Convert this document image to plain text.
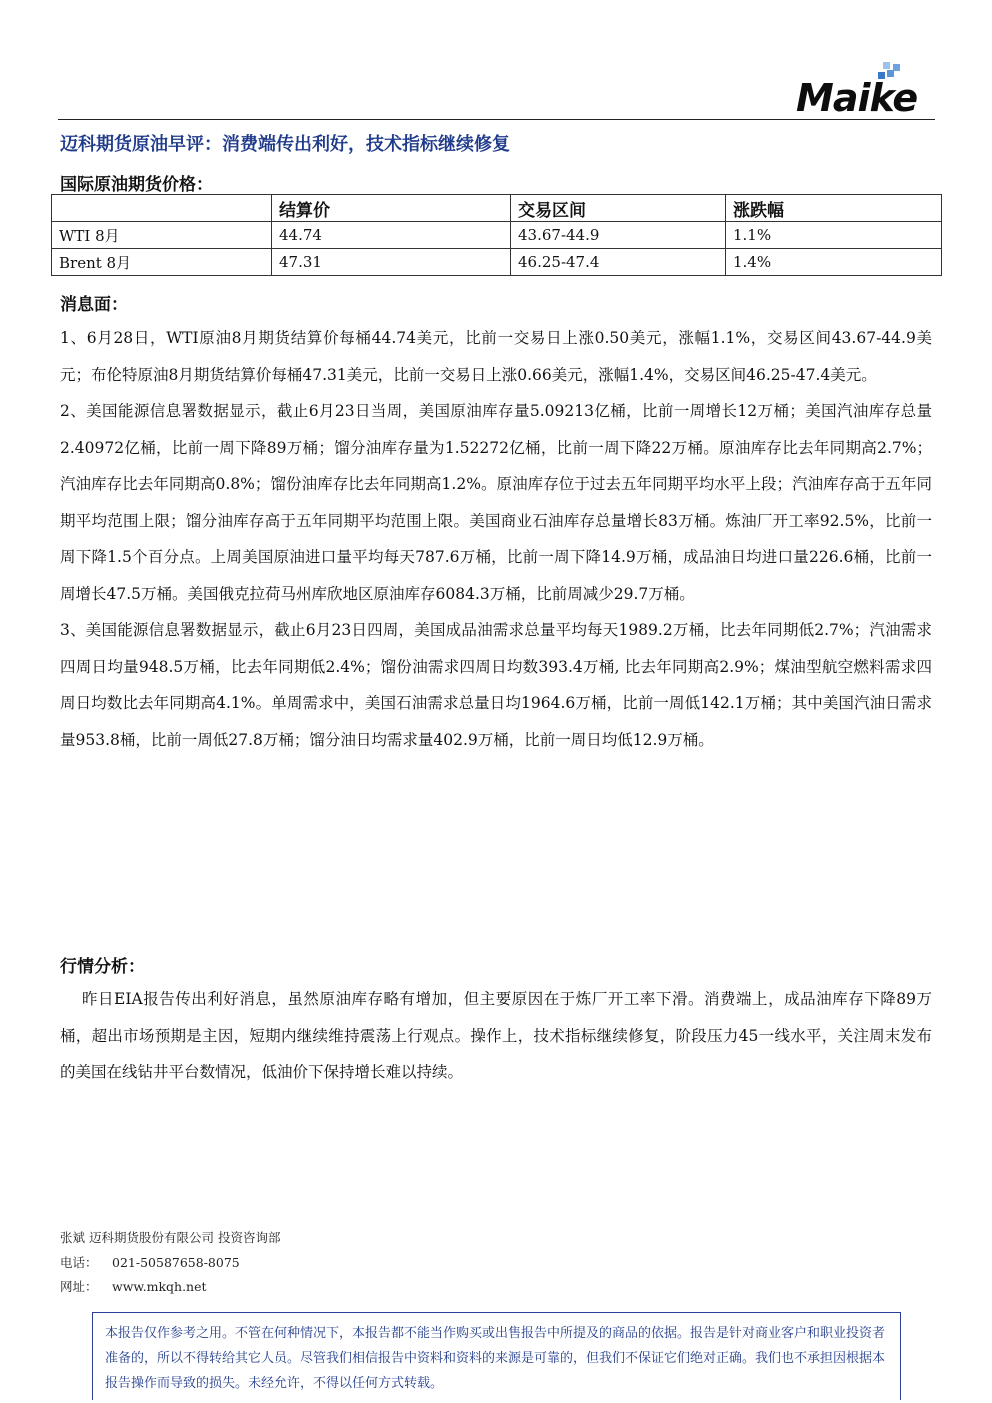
Maike
迈科期货原油早评：消费端传出利好，技术指标继续修复
国际原油期货价格：
	结算价	交易区间	涨跌幅
WTI 8月	44.74	43.67-44.9	1.1%
Brent 8月	47.31	46.25-47.4	1.4%
消息面：

1、6月28日，WTI原油8月期货结算价每桶44.74美元，比前一交易日上涨0.50美元，涨幅1.1%，交易区间43.67-44.9美元；布伦特原油8月期货结算价每桶47.31美元，比前一交易日上涨0.66美元，涨幅1.4%，交易区间46.25-47.4美元。

2、美国能源信息署数据显示，截止6月23日当周，美国原油库存量5.09213亿桶，比前一周增长12万桶；美国汽油库存总量2.40972亿桶，比前一周下降89万桶；馏分油库存量为1.52272亿桶，比前一周下降22万桶。原油库存比去年同期高2.7%；汽油库存比去年同期高0.8%；馏份油库存比去年同期高1.2%。原油库存位于过去五年同期平均水平上段；汽油库存高于五年同期平均范围上限；馏分油库存高于五年同期平均范围上限。美国商业石油库存总量增长83万桶。炼油厂开工率92.5%，比前一周下降1.5个百分点。上周美国原油进口量平均每天787.6万桶，比前一周下降14.9万桶，成品油日均进口量226.6桶，比前一周增长47.5万桶。美国俄克拉荷马州库欣地区原油库存6084.3万桶，比前周减少29.7万桶。

3、美国能源信息署数据显示，截止6月23日四周，美国成品油需求总量平均每天1989.2万桶，比去年同期低2.7%；汽油需求四周日均量948.5万桶，比去年同期低2.4%；馏份油需求四周日均数393.4万桶, 比去年同期高2.9%；煤油型航空燃料需求四周日均数比去年同期高4.1%。单周需求中，美国石油需求总量日均1964.6万桶，比前一周低142.1万桶；其中美国汽油日需求量953.8桶，比前一周低27.8万桶；馏分油日均需求量402.9万桶，比前一周日均低12.9万桶。

行情分析：

昨日EIA报告传出利好消息，虽然原油库存略有增加，但主要原因在于炼厂开工率下滑。消费端上，成品油库存下降89万桶，超出市场预期是主因，短期内继续维持震荡上行观点。操作上，技术指标继续修复，阶段压力45一线水平，关注周末发布的美国在线钻井平台数情况，低油价下保持增长难以持续。

张斌 迈科期货股份有限公司 投资咨询部
电话： 021-50587658-8075
网址： www.mkqh.net
本报告仅作参考之用。不管在何种情况下，本报告都不能当作购买或出售报告中所提及的商品的依据。报告是针对商业客户和职业投资者准备的，所以不得转给其它人员。尽管我们相信报告中资料和资料的来源是可靠的，但我们不保证它们绝对正确。我们也不承担因根据本报告操作而导致的损失。未经允许，不得以任何方式转载。
